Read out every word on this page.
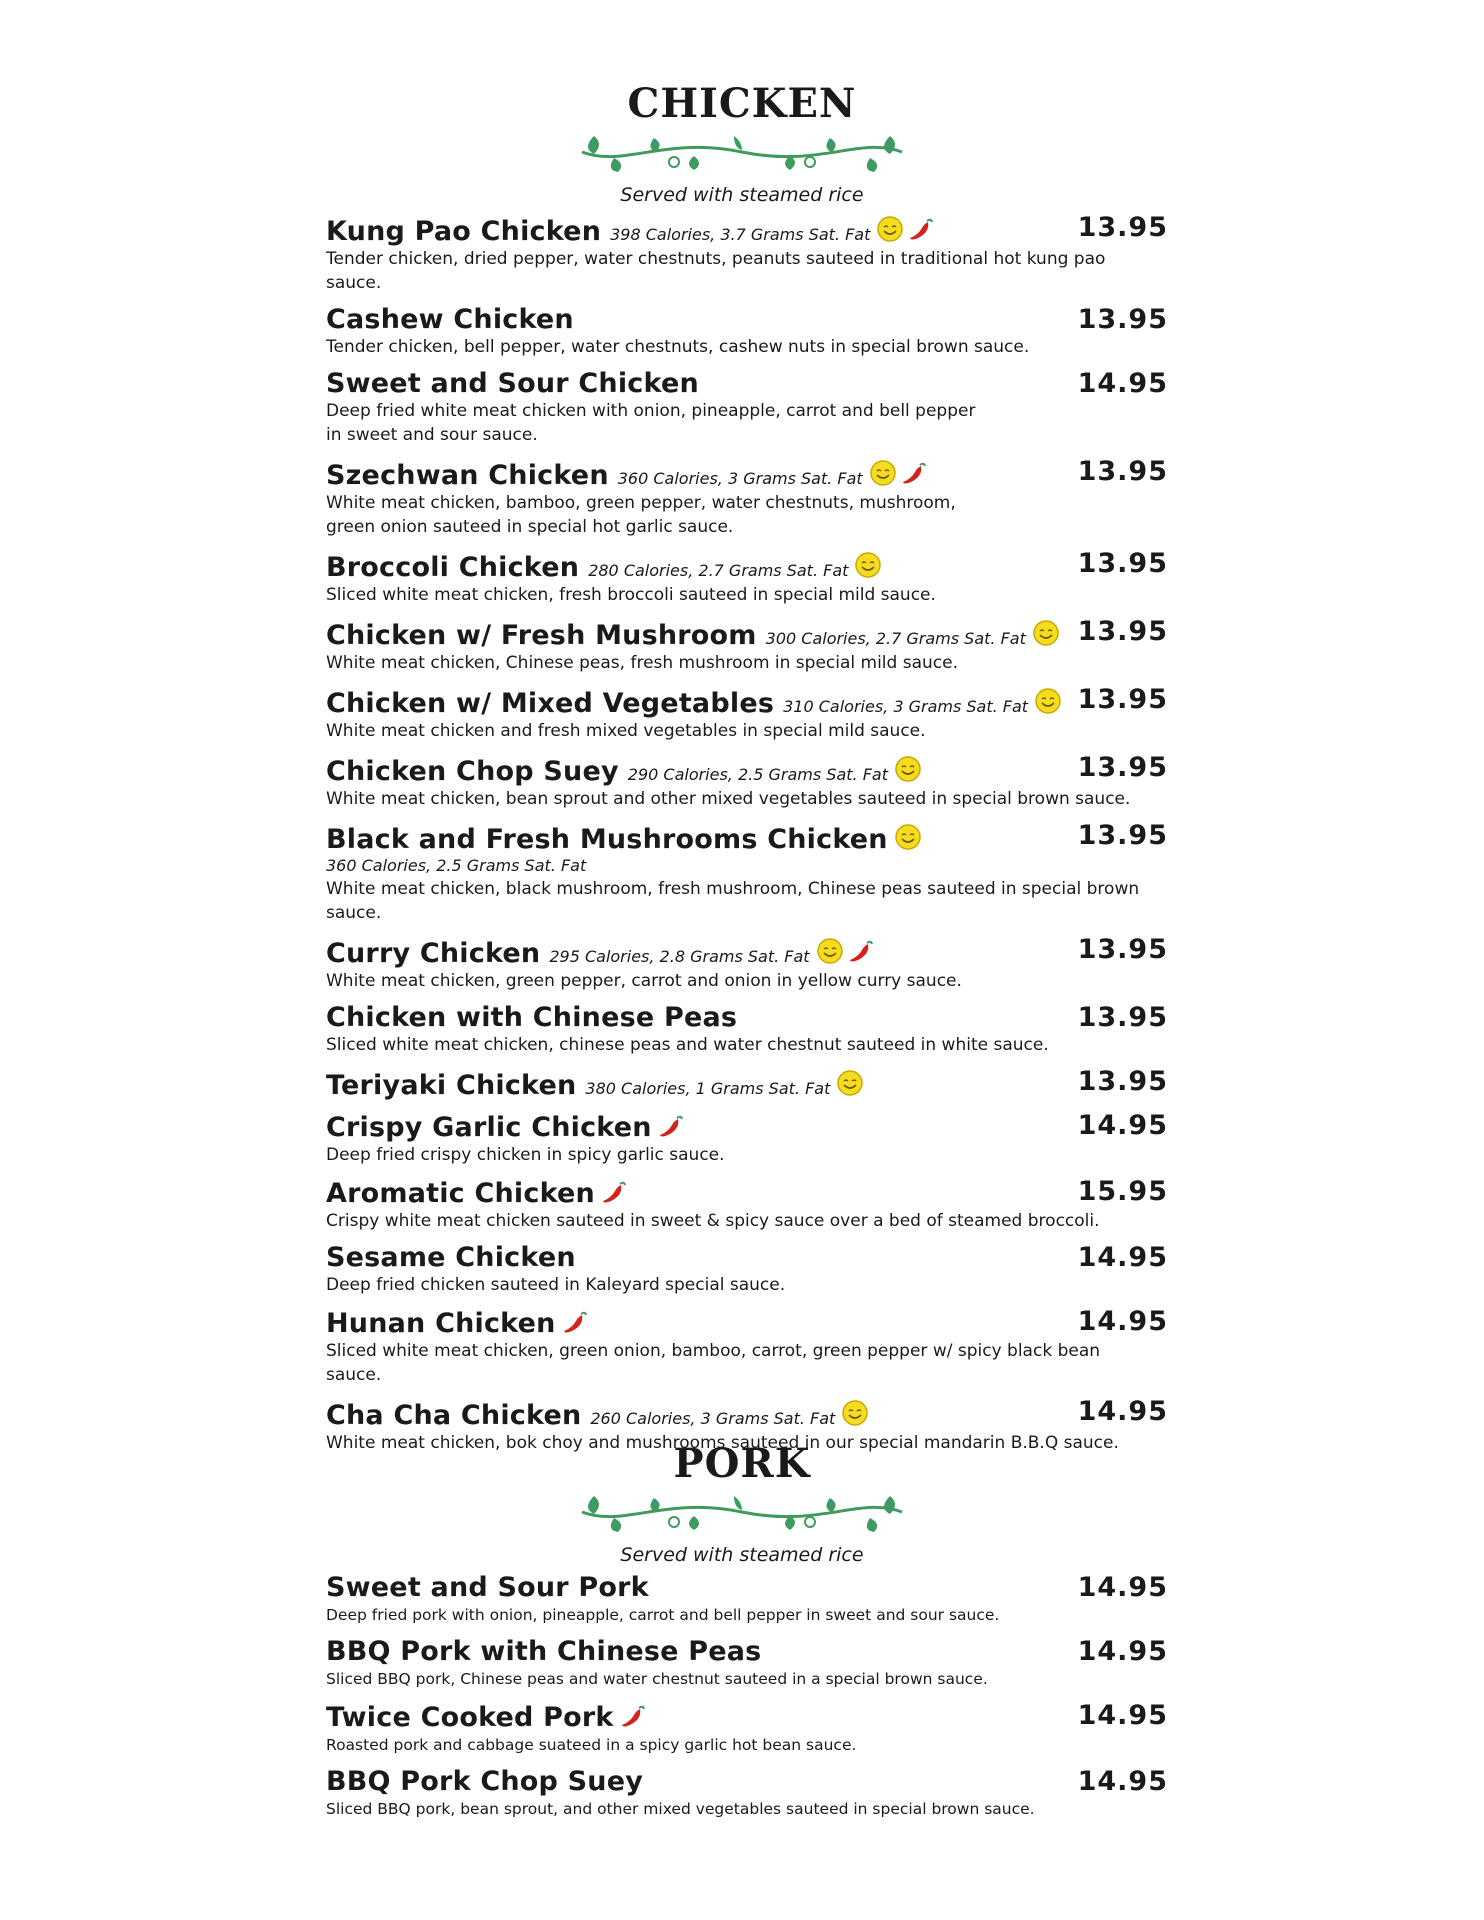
CHICKEN
Served with steamed rice
Kung Pao Chicken 398 Calories, 3.7 Grams Sat. Fat	13.95
Tender chicken, dried pepper, water chestnuts, peanuts sauteed in traditional hot kung pao sauce.
Cashew Chicken	13.95
Tender chicken, bell pepper, water chestnuts, cashew nuts in special brown sauce.
Sweet and Sour Chicken	14.95
Deep fried white meat chicken with onion, pineapple, carrot and bell pepper
in sweet and sour sauce.
Szechwan Chicken 360 Calories, 3 Grams Sat. Fat	13.95
White meat chicken, bamboo, green pepper, water chestnuts, mushroom,
green onion sauteed in special hot garlic sauce.
Broccoli Chicken 280 Calories, 2.7 Grams Sat. Fat	13.95
Sliced white meat chicken, fresh broccoli sauteed in special mild sauce.
Chicken w/ Fresh Mushroom 300 Calories, 2.7 Grams Sat. Fat 13.95
White meat chicken, Chinese peas, fresh mushroom in special mild sauce.
Chicken w/ Mixed Vegetables 310 Calories, 3 Grams Sat. Fat 13.95
White meat chicken and fresh mixed vegetables in special mild sauce.
Chicken Chop Suey 290 Calories, 2.5 Grams Sat. Fat	13.95
White meat chicken, bean sprout and other mixed vegetables sauteed in special brown sauce.
Black and Fresh Mushrooms Chicken	13.95
360 Calories, 2.5 Grams Sat. Fat
White meat chicken, black mushroom, fresh mushroom, Chinese peas sauteed in special brown sauce.
Curry Chicken 295 Calories, 2.8 Grams Sat. Fat	13.95
White meat chicken, green pepper, carrot and onion in yellow curry sauce.
Chicken with Chinese Peas	13.95
Sliced white meat chicken, chinese peas and water chestnut sauteed in white sauce.
Teriyaki Chicken 380 Calories, 1 Grams Sat. Fat	13.95
Crispy Garlic Chicken	14.95
Deep fried crispy chicken in spicy garlic sauce.
Aromatic Chicken	15.95
Crispy white meat chicken sauteed in sweet & spicy sauce over a bed of steamed broccoli.
Sesame Chicken	14.95
Deep fried chicken sauteed in Kaleyard special sauce.
Hunan Chicken	14.95
Sliced white meat chicken, green onion, bamboo, carrot, green pepper w/ spicy black bean sauce.
Cha Cha Chicken 260 Calories, 3 Grams Sat. Fat	14.95
White meat chicken, bok choy and mushrooms sauteed in our special mandarin B.B.Q sauce.
PORK
Served with steamed rice
Sweet and Sour Pork	14.95
Deep fried pork with onion, pineapple, carrot and bell pepper in sweet and sour sauce.
BBQ Pork with Chinese Peas	14.95
Sliced BBQ pork, Chinese peas and water chestnut sauteed in a special brown sauce.
Twice Cooked Pork	14.95
Roasted pork and cabbage suateed in a spicy garlic hot bean sauce.
BBQ Pork Chop Suey	14.95
Sliced BBQ pork, bean sprout, and other mixed vegetables sauteed in special brown sauce.
